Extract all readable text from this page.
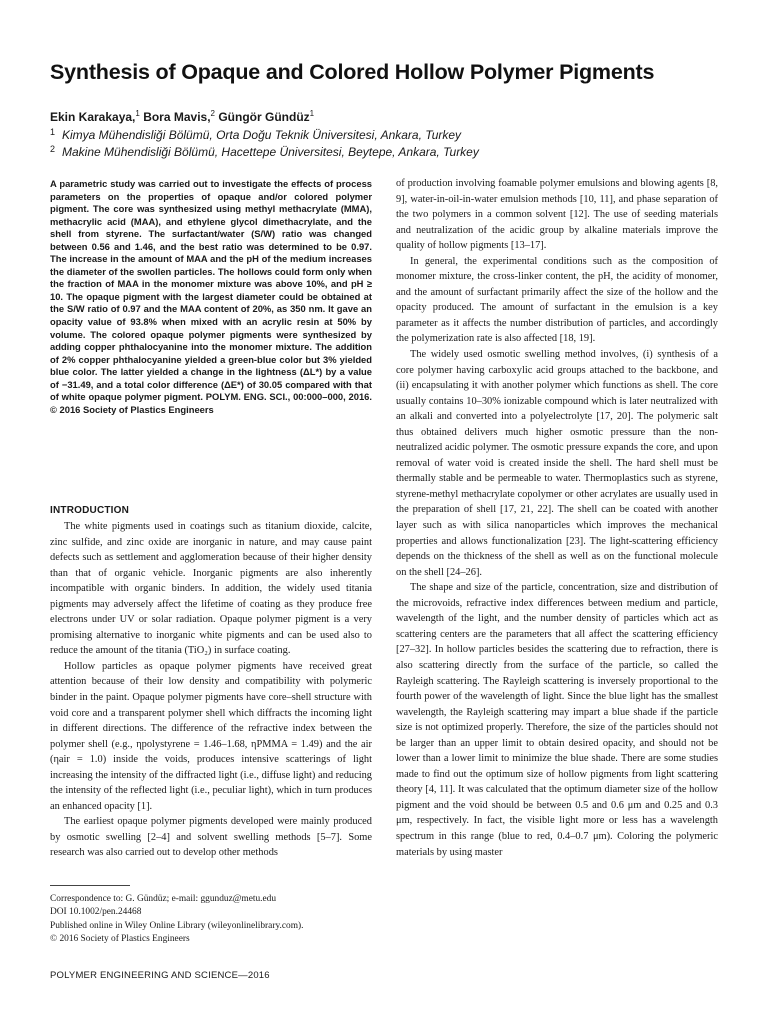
Synthesis of Opaque and Colored Hollow Polymer Pigments
Ekin Karakaya,$^1$ Bora Mavis,$^2$ Güngör Gündüz$^1$
1 Kimya Mühendisliği Bölümü, Orta Doğu Teknik Üniversitesi, Ankara, Turkey
2 Makine Mühendisliği Bölümü, Hacettepe Üniversitesi, Beytepe, Ankara, Turkey
A parametric study was carried out to investigate the effects of process parameters on the properties of opaque and/or colored polymer pigment. The core was synthesized using methyl methacrylate (MMA), methacrylic acid (MAA), and ethylene glycol dimethacrylate, and the shell from styrene. The surfactant/water (S/W) ratio was changed between 0.56 and 1.46, and the best ratio was determined to be 0.97. The increase in the amount of MAA and the pH of the medium increases the diameter of the swollen particles. The hollows could form only when the fraction of MAA in the monomer mixture was above 10%, and pH ≥ 10. The opaque pigment with the largest diameter could be obtained at the S/W ratio of 0.97 and the MAA content of 20%, as 350 nm. It gave an opacity value of 93.8% when mixed with an acrylic resin at 50% by volume. The colored opaque polymer pigments were synthesized by adding copper phthalocyanine into the monomer mixture. The addition of 2% copper phthalocyanine yielded a green-blue color but 3% yielded blue color. The latter yielded a change in the lightness (ΔL*) by a value of −31.49, and a total color difference (ΔE*) of 30.05 compared with that of white opaque polymer pigment. POLYM. ENG. SCI., 00:000–000, 2016. © 2016 Society of Plastics Engineers
INTRODUCTION

The white pigments used in coatings such as titanium dioxide, calcite, zinc sulfide, and zinc oxide are inorganic in nature, and may cause paint defects such as settlement and agglomeration because of their higher density than that of organic vehicle. Inorganic pigments are also inherently incompatible with organic binders. In addition, the widely used titania pigments may adversely affect the lifetime of coating as they produce free electrons under UV or solar radiation. Opaque polymer pigment is a very promising alternative to inorganic white pigments and can be used also to reduce the amount of the titania (TiO₂) in surface coating.

Hollow particles as opaque polymer pigments have received great attention because of their low density and compatibility with polymeric binder in the paint. Opaque polymer pigments have core–shell structure with void core and a transparent polymer shell which diffracts the incoming light in different directions. The difference of the refractive index between the polymer shell (e.g., ηpolystyrene = 1.46–1.68, ηPMMA = 1.49) and the air (ηair = 1.0) inside the voids, produces intensive scatterings of light increasing the intensity of the diffracted light (i.e., diffuse light) and reducing the intensity of the reflected light (i.e., peculiar light), which in turn produces an enhanced opacity [1].

The earliest opaque polymer pigments developed were mainly produced by osmotic swelling [2–4] and solvent swelling methods [5–7]. Some research was also carried out to develop other methods

Correspondence to: G. Gündüz; e-mail: ggunduz@metu.edu
DOI 10.1002/pen.24468
Published online in Wiley Online Library (wileyonlinelibrary.com).
© 2016 Society of Plastics Engineers

of production involving foamable polymer emulsions and blowing agents [8, 9], water-in-oil-in-water emulsion methods [10, 11], and phase separation of the two polymers in a common solvent [12]. The use of seeding materials and neutralization of the acidic group by alkaline materials improve the quality of hollow pigments [13–17].

In general, the experimental conditions such as the composition of monomer mixture, the cross-linker content, the pH, the acidity of monomer, and the amount of surfactant primarily affect the size of the hollow and the opacity produced. The amount of surfactant in the emulsion is a key parameter as it affects the number distribution of particles, and accordingly the polymerization rate is also affected [18, 19].

The widely used osmotic swelling method involves, (i) synthesis of a core polymer having carboxylic acid groups attached to the backbone, and (ii) encapsulating it with another polymer which functions as shell. The core usually contains 10–30% ionizable compound which is later neutralized with an alkali and converted into a polyelectrolyte [17, 20]. The polymeric salt thus obtained delivers much higher osmotic pressure than the non-neutralized acidic polymer. The osmotic pressure expands the core, and upon removal of water void is created inside the shell. The hard shell must be thermally stable and be permeable to water. Thermoplastics such as styrene, styrene-methyl methacrylate copolymer or other acrylates are usually used in the preparation of shell [17, 21, 22]. The shell can be coated with another layer such as with silica nanoparticles which improves the mechanical properties and allows functionalization [23]. The light-scattering efficiency depends on the thickness of the shell as well as on the functional molecule on the shell [24–26].

The shape and size of the particle, concentration, size and distribution of the microvoids, refractive index differences between medium and particle, wavelength of the light, and the number density of particles which act as scattering centers are the parameters that all affect the scattering efficiency [27–32]. In hollow particles besides the scattering due to refraction, there is also scattering directly from the surface of the particle, so called the Rayleigh scattering. The Rayleigh scattering is inversely proportional to the fourth power of the wavelength of light. Since the blue light has the smallest wavelength, the Rayleigh scattering may impart a blue shade if the particle size is not optimized properly. Therefore, the size of the particles should not be larger than an upper limit to obtain desired opacity, and should not be lower than a lower limit to minimize the blue shade. There are some studies made to find out the optimum size of hollow pigments from light scattering theory [4, 11]. It was calculated that the optimum diameter size of the hollow pigment and the void should be between 0.5 and 0.6 μm and 0.25 and 0.3 μm, respectively. In fact, the visible light more or less has a wavelength spectrum in this range (blue to red, 0.4–0.7 μm). Coloring the polymeric materials by using master

POLYMER ENGINEERING AND SCIENCE—2016
